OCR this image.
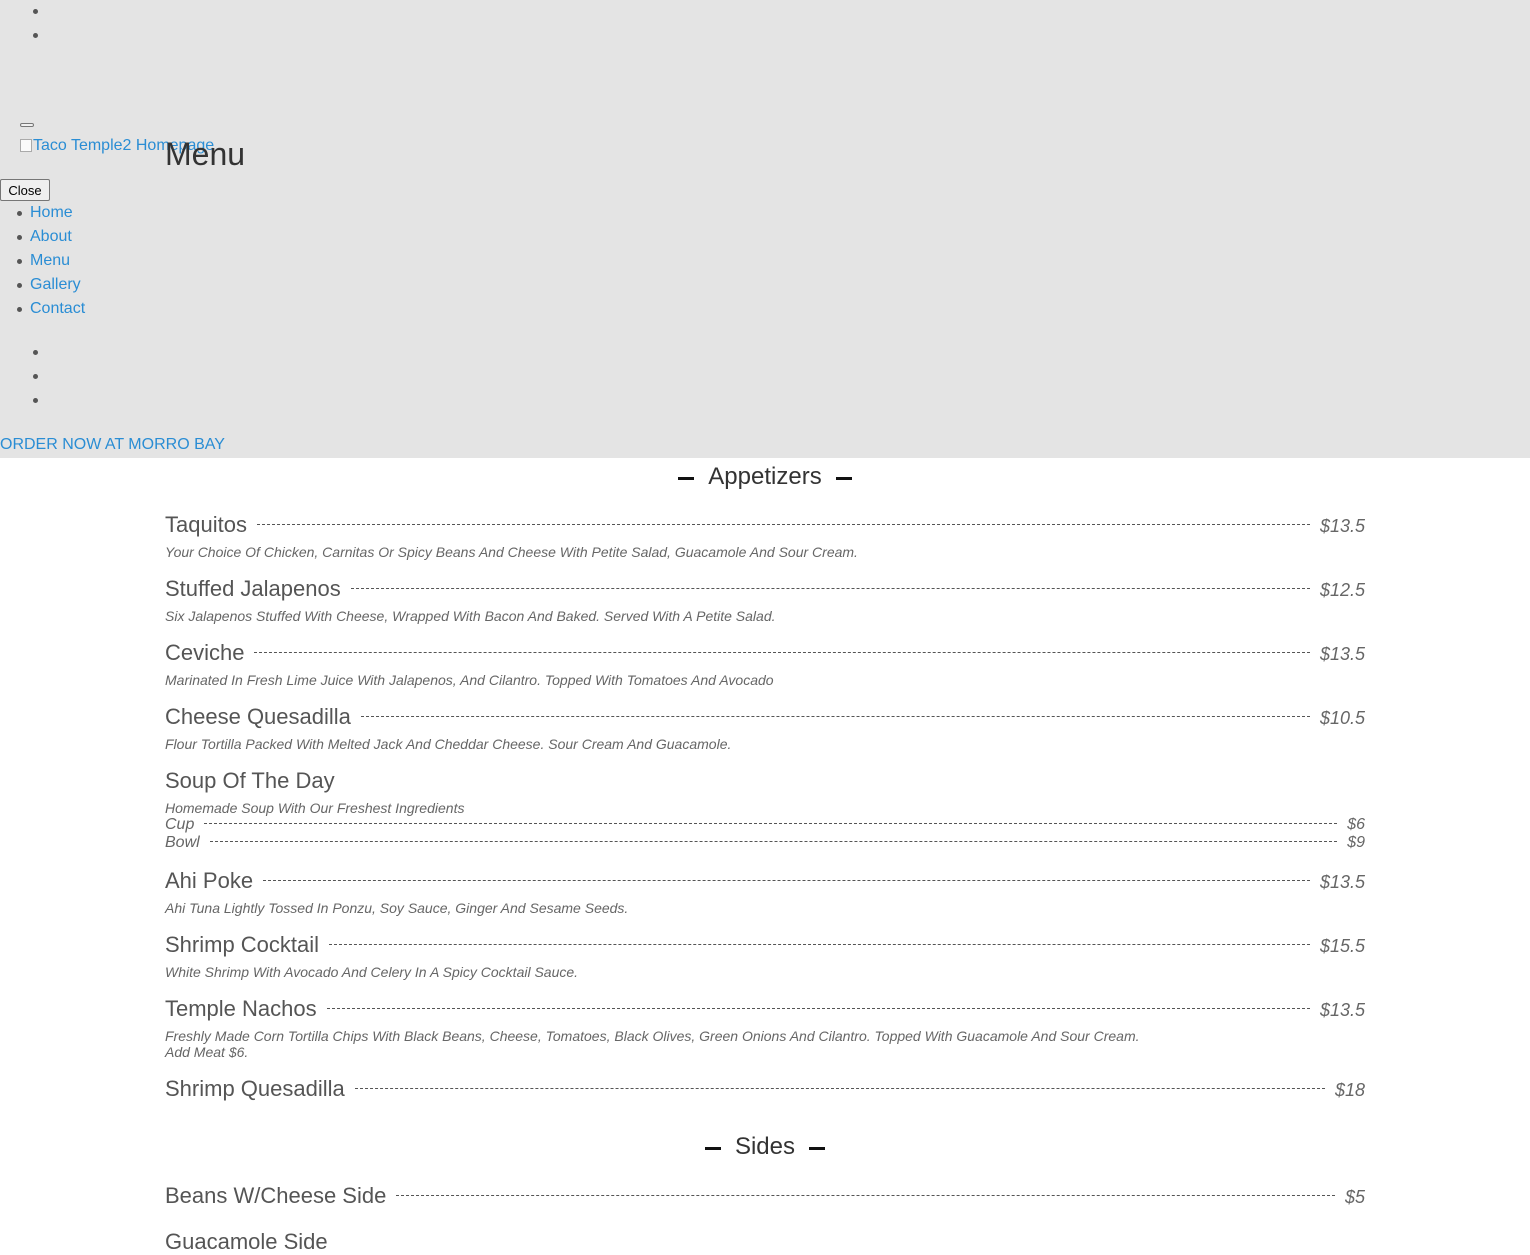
Taco Temple2 Homepage
Menu
Close
Home
About
Menu
Gallery
Contact
ORDER NOW AT MORRO BAY
Appetizers
Taquitos	$13.5
Your Choice Of Chicken, Carnitas Or Spicy Beans And Cheese With Petite Salad, Guacamole And Sour Cream.
Stuffed Jalapenos	$12.5
Six Jalapenos Stuffed With Cheese, Wrapped With Bacon And Baked. Served With A Petite Salad.
Ceviche	$13.5
Marinated In Fresh Lime Juice With Jalapenos, And Cilantro. Topped With Tomatoes And Avocado
Cheese Quesadilla	$10.5
Flour Tortilla Packed With Melted Jack And Cheddar Cheese. Sour Cream And Guacamole.
Soup Of The Day
Homemade Soup With Our Freshest Ingredients
Cup	$6
Bowl	$9
Ahi Poke	$13.5
Ahi Tuna Lightly Tossed In Ponzu, Soy Sauce, Ginger And Sesame Seeds.
Shrimp Cocktail	$15.5
White Shrimp With Avocado And Celery In A Spicy Cocktail Sauce.
Temple Nachos	$13.5
Freshly Made Corn Tortilla Chips With Black Beans, Cheese, Tomatoes, Black Olives, Green Onions And Cilantro. Topped With Guacamole And Sour Cream.
Add Meat $6.
Shrimp Quesadilla	$18
Sides
Beans W/Cheese Side	$5
Guacamole Side
